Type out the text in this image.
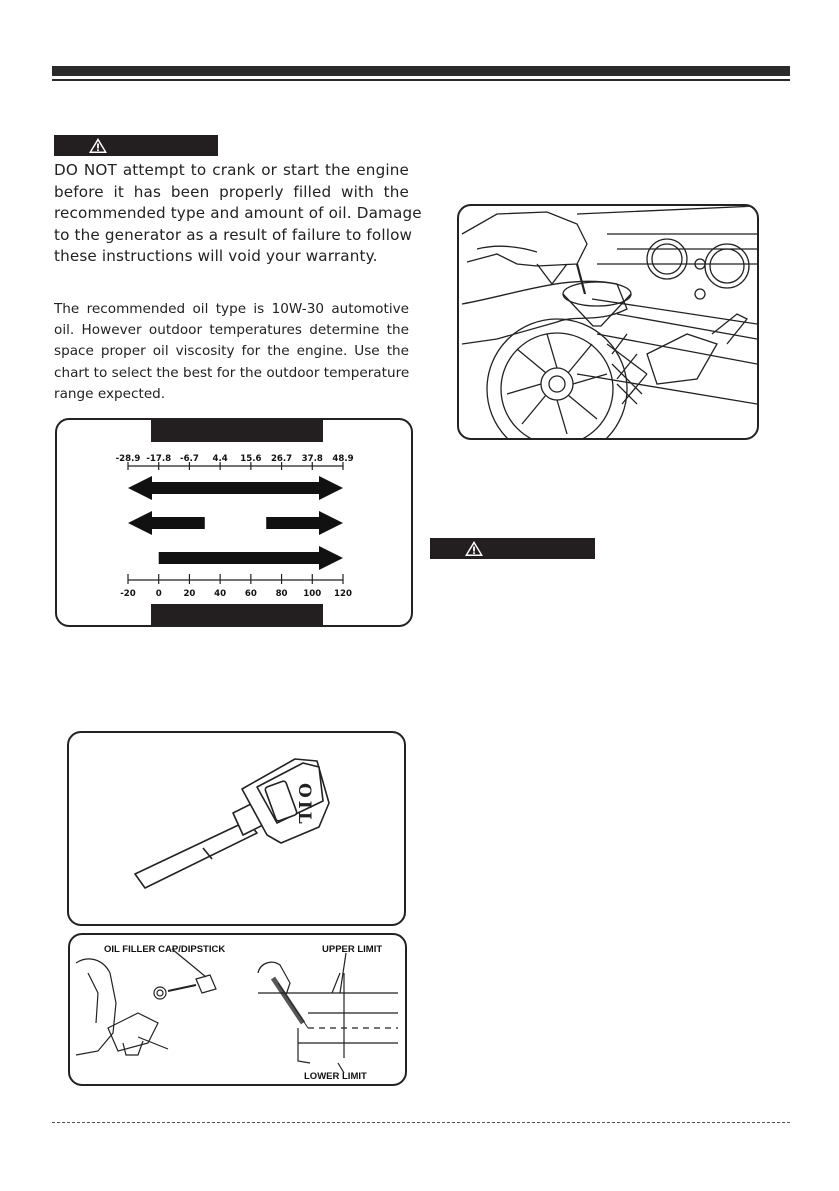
DO NOT attempt to crank or start the engine
before it has been properly filled with the
recommended type and amount of oil. Damage
to the generator as a result of failure to follow
these instructions will void your warranty.
The recommended oil type is 10W-30 automotive
oil. However outdoor temperatures determine the
space proper oil viscosity for the engine. Use the
chart to select the best for the outdoor temperature
range expected.
-28.9 -17.8 -6.7 4.4 15.6 26.7 37.8 48.9
-20 0	20 40 60 80 100 120
OIL
OIL FILLER CAP/DIPSTICK	UPPER LIMIT
LOWER LIMIT
